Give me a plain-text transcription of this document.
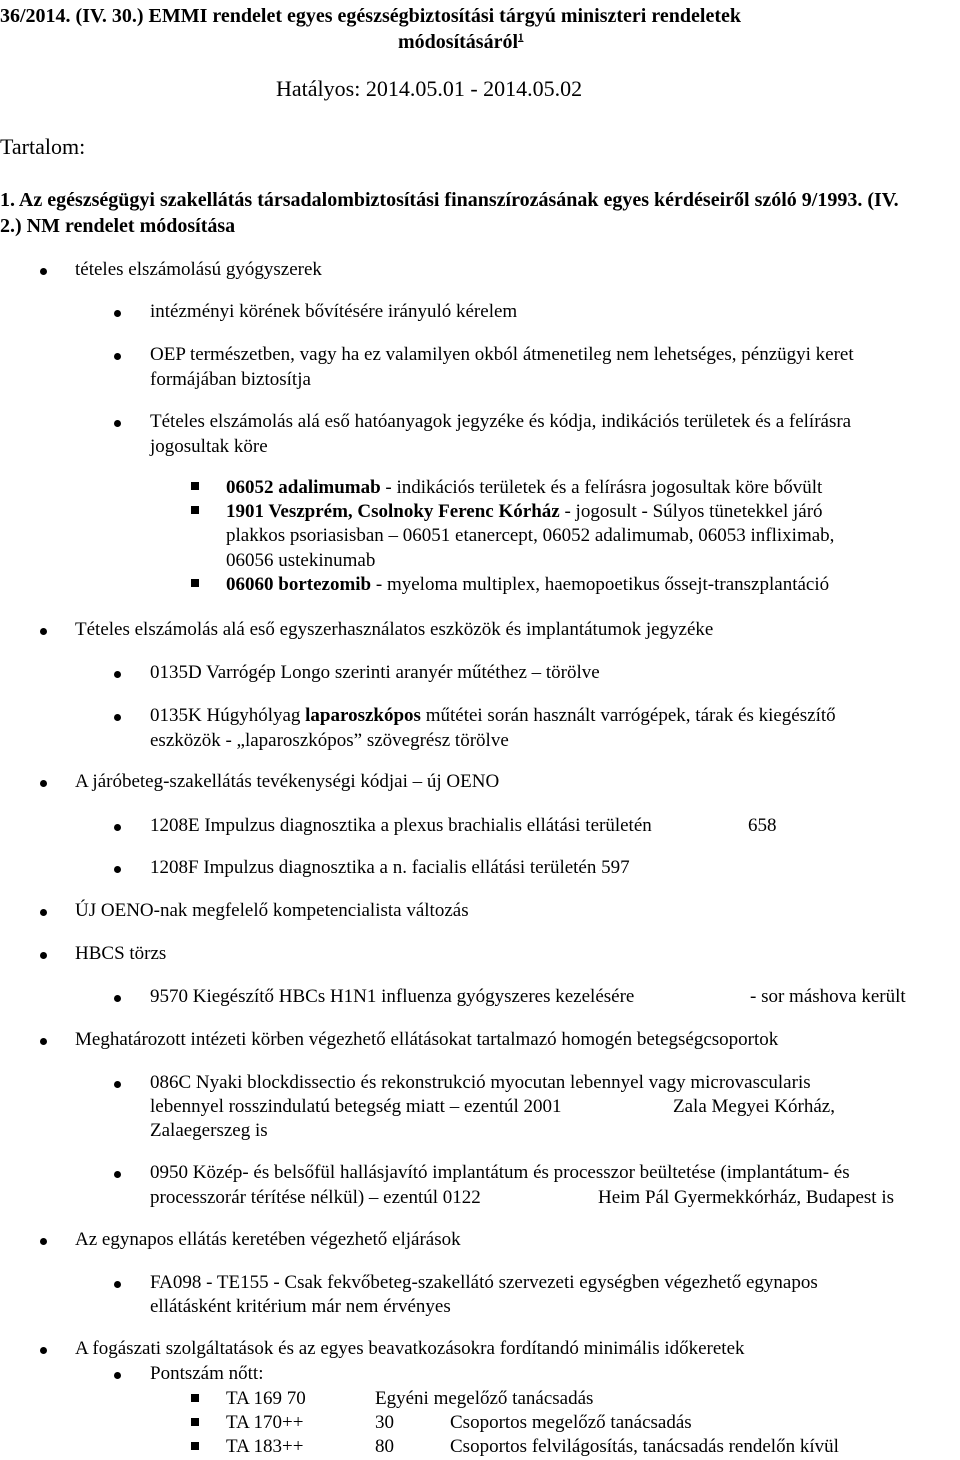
36/2014. (IV. 30.) EMMI rendelet egyes egészségbiztosítási tárgyú miniszteri rendeletek
módosításáról$^1$
Hatályos: 2014.05.01 - 2014.05.02
Tartalom:
1. Az egészségügyi szakellátás társadalombiztosítási finanszírozásának egyes kérdéseiről szóló 9/1993. (IV.
2.) NM rendelet módosítása
tételes elszámolású gyógyszerek
intézményi körének bővítésére irányuló kérelem
OEP természetben, vagy ha ez valamilyen okból átmenetileg nem lehetséges, pénzügyi keret
formájában biztosítja
Tételes elszámolás alá eső hatóanyagok jegyzéke és kódja, indikációs területek és a felírásra
jogosultak köre
06052 adalimumab - indikációs területek és a felírásra jogosultak köre bővült
1901 Veszprém, Csolnoky Ferenc Kórház - jogosult - Súlyos tünetekkel járó
plakkos psoriasisban – 06051 etanercept, 06052 adalimumab, 06053 infliximab,
06056 ustekinumab
06060 bortezomib - myeloma multiplex, haemopoetikus őssejt-transzplantáció
Tételes elszámolás alá eső egyszerhasználatos eszközök és implantátumok jegyzéke
0135D Varrógép Longo szerinti aranyér műtéthez – törölve
0135K Húgyhólyag laparoszkópos műtétei során használt varrógépek, tárak és kiegészítő
eszközök - „laparoszkópos” szövegrész törölve
A járóbeteg-szakellátás tevékenységi kódjai – új OENO
1208E Impulzus diagnosztika a plexus brachialis ellátási területén	658
1208F Impulzus diagnosztika a n. facialis ellátási területén 597
ÚJ OENO-nak megfelelő kompetencialista változás
HBCS törzs
9570 Kiegészítő HBCs H1N1 influenza gyógyszeres kezelésére	- sor máshova került
Meghatározott intézeti körben végezhető ellátásokat tartalmazó homogén betegségcsoportok
086C Nyaki blockdissectio és rekonstrukció myocutan lebennyel vagy microvascularis
lebennyel rosszindulatú betegség miatt – ezentúl 2001	Zala Megyei Kórház,
Zalaegerszeg is
0950 Közép- és belsőfül hallásjavító implantátum és processzor beültetése (implantátum- és
processzorár térítése nélkül) – ezentúl 0122	Heim Pál Gyermekkórház, Budapest is
Az egynapos ellátás keretében végezhető eljárások
FA098 - TE155 - Csak fekvőbeteg-szakellátó szervezeti egységben végezhető egynapos
ellátásként kritérium már nem érvényes
A fogászati szolgáltatások és az egyes beavatkozásokra fordítandó minimális időkeretek
Pontszám nőtt:
TA 169 70	Egyéni megelőző tanácsadás
TA 170++	30	Csoportos megelőző tanácsadás
TA 183++	80	Csoportos felvilágosítás, tanácsadás rendelőn kívül
